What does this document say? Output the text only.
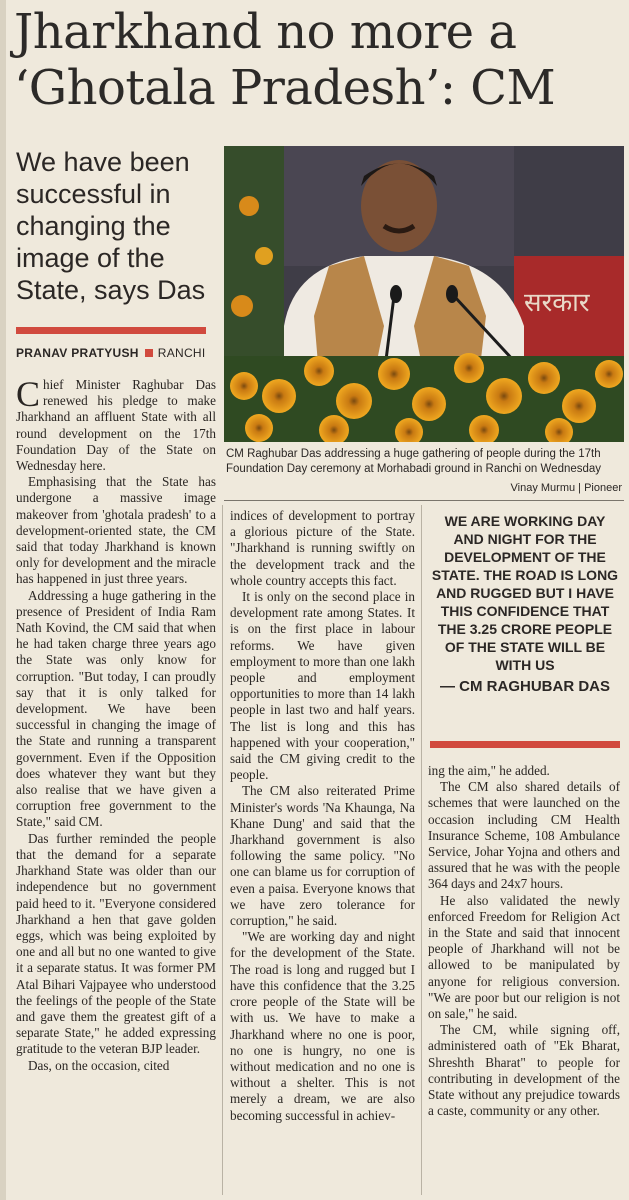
Jharkhand no more a ‘Ghotala Pradesh’: CM
We have been successful in changing the image of the State, says Das
PRANAV PRATYUSH RANCHI
सरकार
CM Raghubar Das addressing a huge gathering of people during the 17th Foundation Day ceremony at Morhabadi ground in Ranchi on Wednesday
Vinay Murmu | Pioneer

Chief Minister Raghubar Das renewed his pledge to make Jharkhand an affluent State with all round development on the 17th Foundation Day of the State on Wednesday here.

Emphasising that the State has undergone a massive image makeover from 'ghotala pradesh' to a development-oriented state, the CM said that today Jharkhand is known only for development and the miracle has happened in just three years.

Addressing a huge gathering in the presence of President of India Ram Nath Kovind, the CM said that when he had taken charge three years ago the State was only know for corruption. "But today, I can proudly say that it is only talked for development. We have been successful in changing the image of the State and running a transparent government. Even if the Opposition does whatever they want but they also realise that we have given a corruption free government to the State," said CM.

Das further reminded the people that the demand for a separate Jharkhand State was older than our independence but no government paid heed to it. "Everyone considered Jharkhand a hen that gave golden eggs, which was being exploited by one and all but no one wanted to give it a separate status. It was former PM Atal Bihari Vajpayee who understood the feelings of the people of the State and gave them the greatest gift of a separate State," he added expressing gratitude to the veteran BJP leader.

Das, on the occasion, cited

indices of development to portray a glorious picture of the State. "Jharkhand is running swiftly on the development track and the whole country accepts this fact.

It is only on the second place in development rate among States. It is on the first place in labour reforms. We have given employment to more than one lakh people and employment opportunities to more than 14 lakh people in last two and half years. The list is long and this has happened with your cooperation," said the CM giving credit to the people.

The CM also reiterated Prime Minister's words 'Na Khaunga, Na Khane Dung' and said that the Jharkhand government is also following the same policy. "No one can blame us for corruption of even a paisa. Everyone knows that we have zero tolerance for corruption," he said.

"We are working day and night for the development of the State. The road is long and rugged but I have this confidence that the 3.25 crore people of the State will be with us. We have to make a Jharkhand where no one is poor, no one is hungry, no one is without medication and no one is without a shelter. This is not merely a dream, we are also becoming successful in achiev-

WE ARE WORKING DAY AND NIGHT FOR THE DEVELOPMENT OF THE STATE. THE ROAD IS LONG AND RUGGED BUT I HAVE THIS CONFIDENCE THAT THE 3.25 CRORE PEOPLE OF THE STATE WILL BE WITH US
— CM RAGHUBAR DAS

ing the aim," he added.

The CM also shared details of schemes that were launched on the occasion including CM Health Insurance Scheme, 108 Ambulance Service, Johar Yojna and others and assured that he was with the people 364 days and 24x7 hours.

He also validated the newly enforced Freedom for Religion Act in the State and said that innocent people of Jharkhand will not be allowed to be manipulated by anyone for religious conversion. "We are poor but our religion is not on sale," he said.

The CM, while signing off, administered oath of "Ek Bharat, Shreshth Bharat" to people for contributing in development of the State without any prejudice towards a caste, community or any other.
